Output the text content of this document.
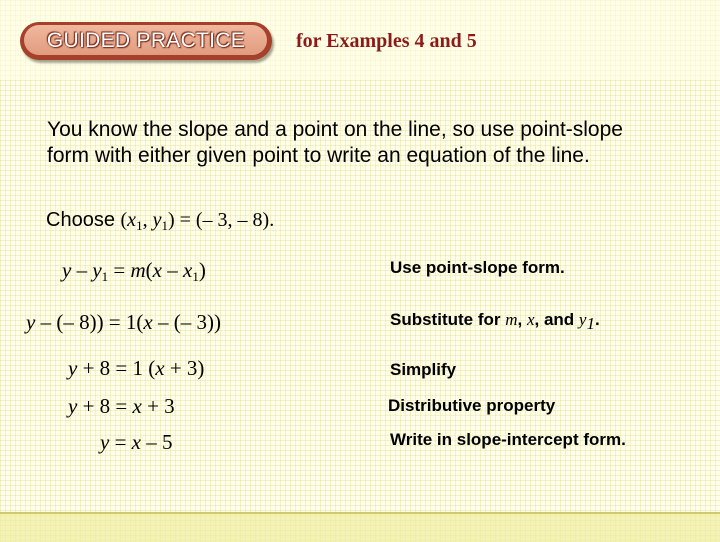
GUIDED PRACTICE	for Examples 4 and 5
You know the slope and a point on the line, so use point-slope form with either given point to write an equation of the line.
Choose ($x_1$, $y_1$) = (– 3, – 8).
$y - y_1 = m(x - x_1)$	Use point-slope form.
y – (– 8)) = 1(x – (– 3))	Substitute for m, x, and $y_1$.
y + 8 = 1 (x + 3)	Simplify
y + 8 = x + 3	Distributive property
y = x – 5	Write in slope-intercept form.
